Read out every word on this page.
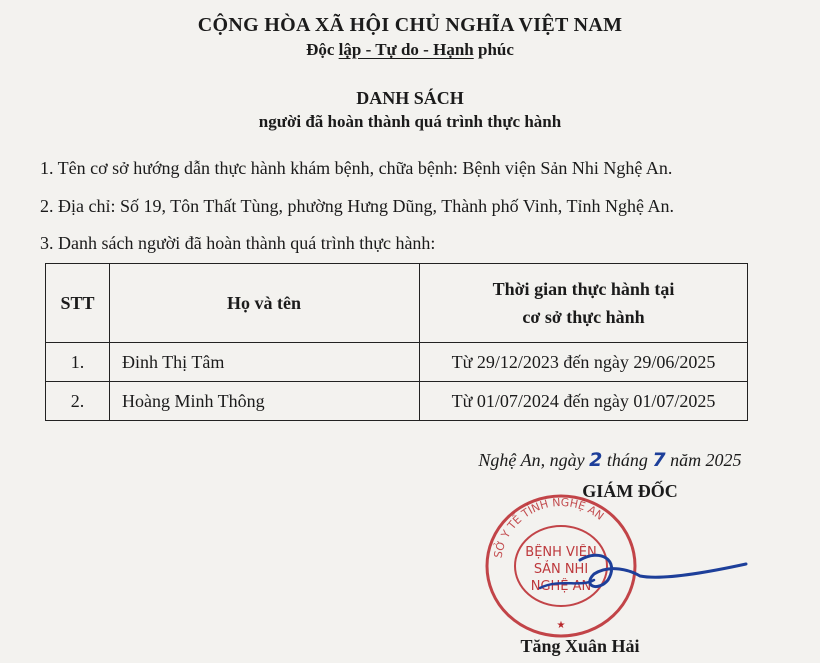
CỘNG HÒA XÃ HỘI CHỦ NGHĨA VIỆT NAM
Độc lập - Tự do - Hạnh phúc
DANH SÁCH
người đã hoàn thành quá trình thực hành
1. Tên cơ sở hướng dẫn thực hành khám bệnh, chữa bệnh: Bệnh viện Sản Nhi Nghệ An.
2. Địa chỉ: Số 19, Tôn Thất Tùng, phường Hưng Dũng, Thành phố Vinh, Tỉnh Nghệ An.
3. Danh sách người đã hoàn thành quá trình thực hành:
STT	Họ và tên	Thời gian thực hành tại
cơ sở thực hành
1.	Đinh Thị Tâm	Từ 29/12/2023 đến ngày 29/06/2025
2.	Hoàng Minh Thông	Từ 01/07/2024 đến ngày 01/07/2025
Nghệ An, ngày 2 tháng 7 năm 2025
GIÁM ĐỐC
SỞ Y TẾ TỈNH NGHỆ AN
BỆNH VIỆN
SẢN NHI
NGHỆ AN
★
Tăng Xuân Hải
